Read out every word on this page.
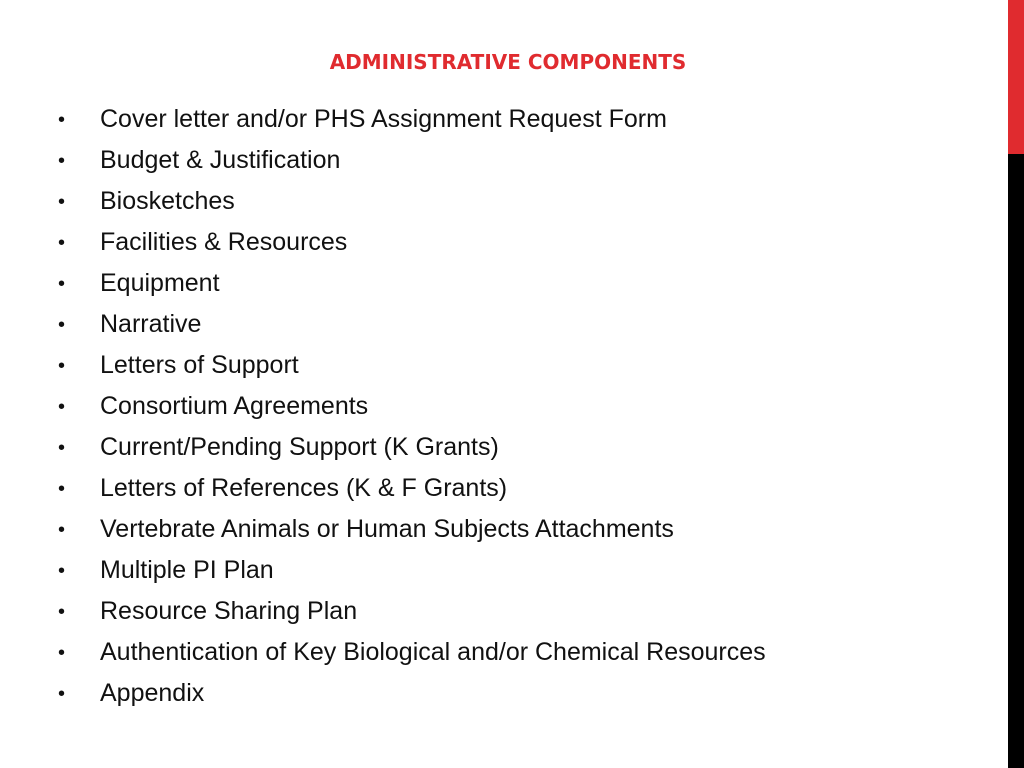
ADMINISTRATIVE COMPONENTS
•	Cover letter and/or PHS Assignment Request Form
•	Budget & Justification
•	Biosketches
•	Facilities & Resources
•	Equipment
•	Narrative
•	Letters of Support
•	Consortium Agreements
•	Current/Pending Support (K Grants)
•	Letters of References (K & F Grants)
•	Vertebrate Animals or Human Subjects Attachments
•	Multiple PI Plan
•	Resource Sharing Plan
•	Authentication of Key Biological and/or Chemical Resources
•	Appendix
